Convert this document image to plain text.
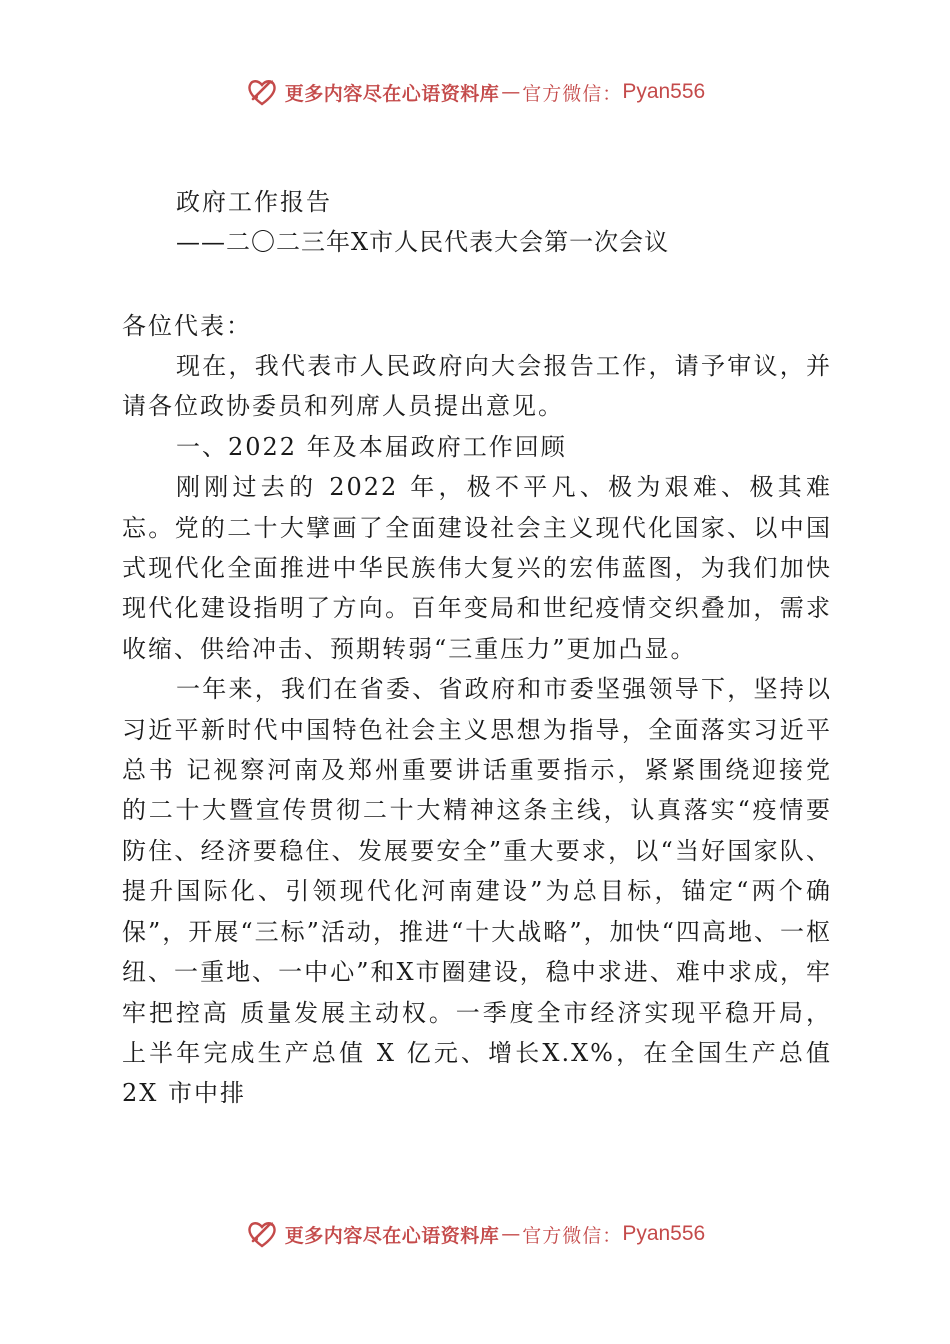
更多内容尽在心语资料库 — 官方微信： Pyan556
政府工作报告
——二〇二三年X市人民代表大会第一次会议
各位代表：

现在，我代表市人民政府向大会报告工作，请予审议，并请各位政协委员和列席人员提出意见。

一、2022 年及本届政府工作回顾

刚刚过去的 2022 年，极不平凡、极为艰难、极其难忘。党的二十大擘画了全面建设社会主义现代化国家、以中国式现代化全面推进中华民族伟大复兴的宏伟蓝图，为我们加快现代化建设指明了方向。百年变局和世纪疫情交织叠加，需求收缩、供给冲击、预期转弱“三重压力”更加凸显。

一年来，我们在省委、省政府和市委坚强领导下，坚持以习近平新时代中国特色社会主义思想为指导，全面落实习近平总书 记视察河南及郑州重要讲话重要指示，紧紧围绕迎接党的二十大暨宣传贯彻二十大精神这条主线，认真落实“疫情要防住、经济要稳住、发展要安全”重大要求，以“当好国家队、提升国际化、引领现代化河南建设”为总目标，锚定“两个确保”，开展“三标”活动，推进“十大战略”，加快“四高地、一枢纽、一重地、一中心”和X市圈建设，稳中求进、难中求成，牢牢把控高 质量发展主动权。一季度全市经济实现平稳开局，上半年完成生产总值 X 亿元、增长X.X%，在全国生产总值 2X 市中排

更多内容尽在心语资料库 — 官方微信： Pyan556
